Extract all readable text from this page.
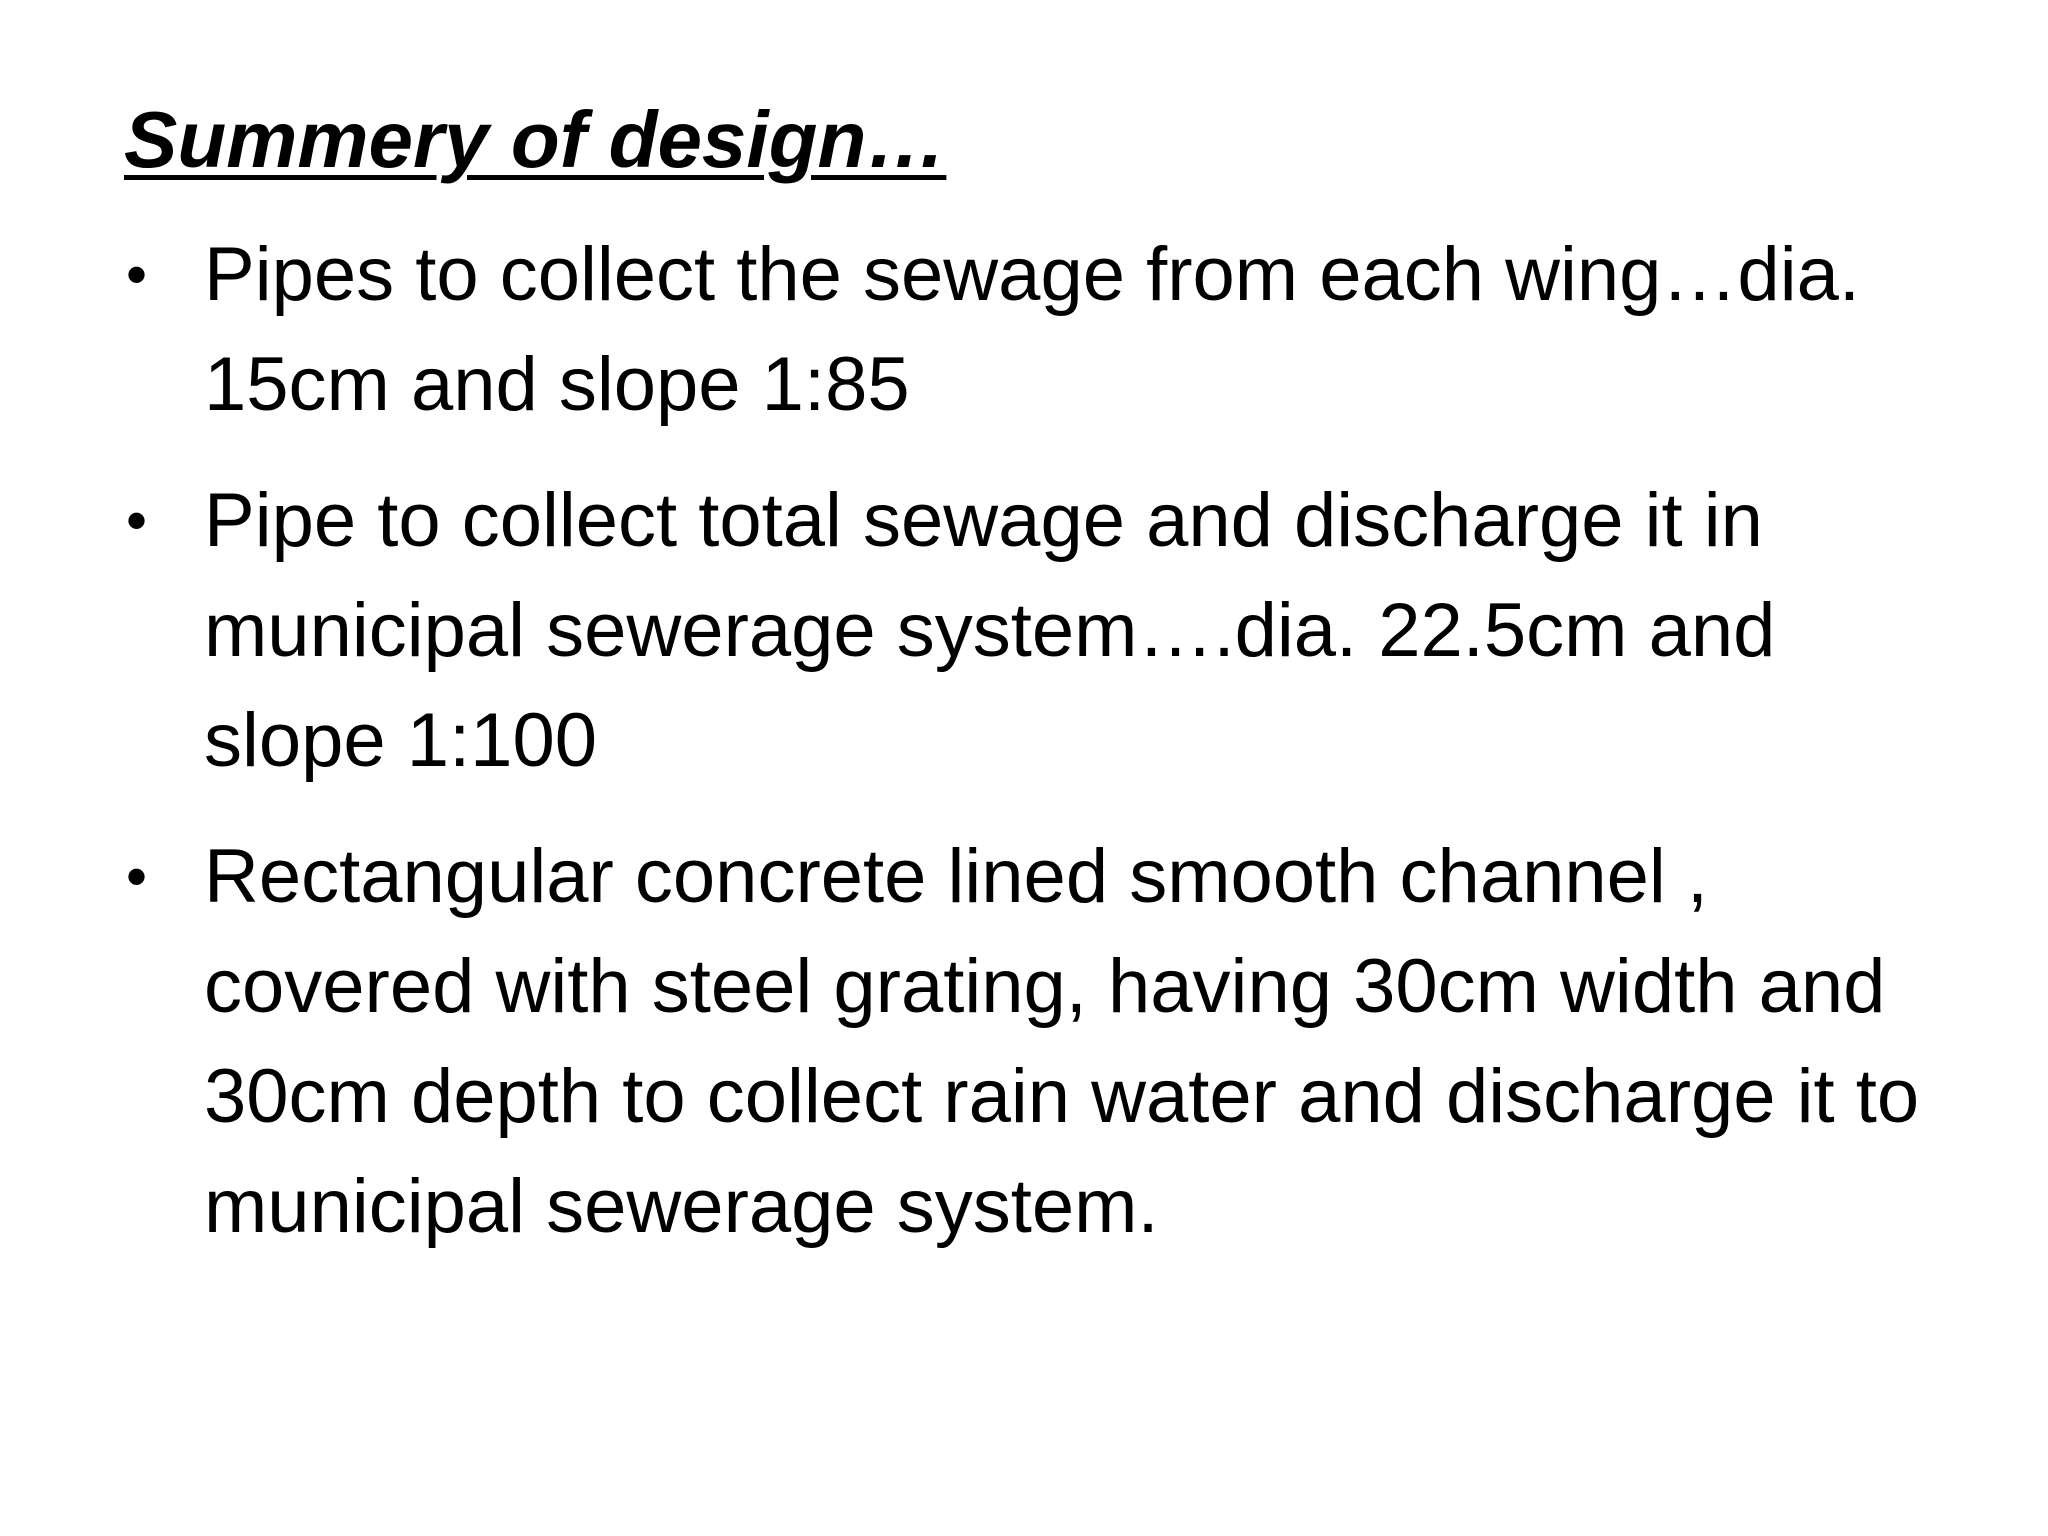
Summery of design…
• Pipes to collect the sewage from each wing…dia. 15cm and slope 1:85
• Pipe to collect total sewage and discharge it in municipal sewerage system….dia. 22.5cm and slope 1:100
• Rectangular concrete lined smooth channel , covered with steel grating, having 30cm width and 30cm depth to collect rain water and discharge it to municipal sewerage system.
